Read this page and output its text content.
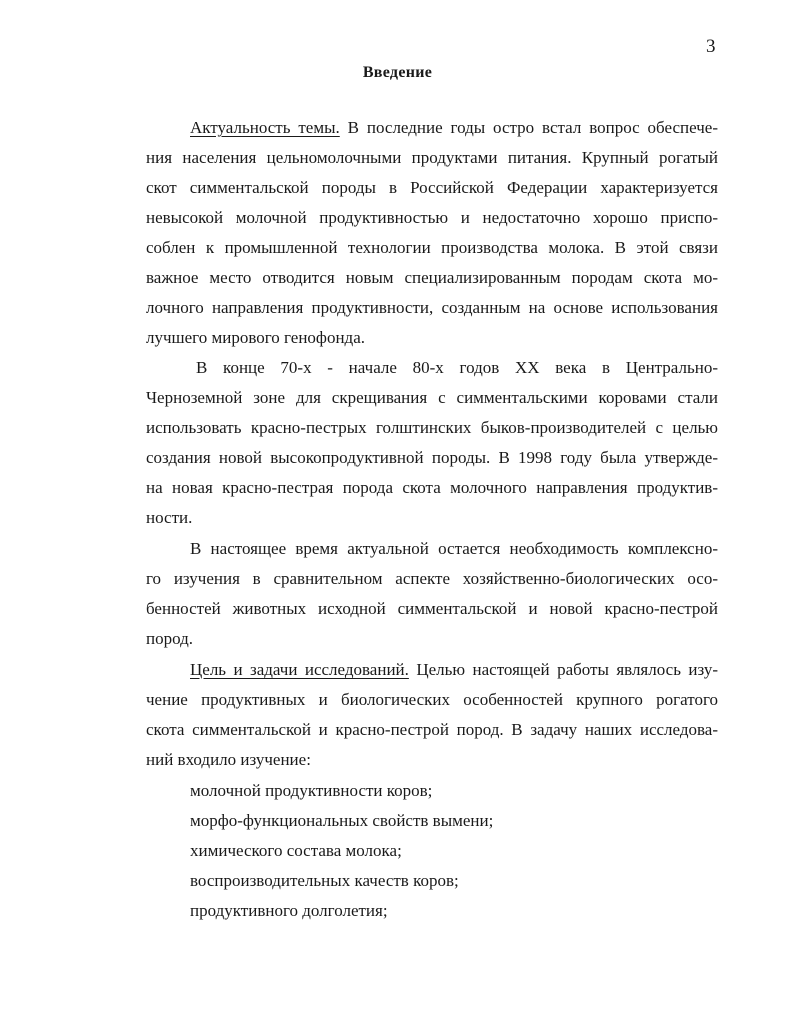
3
Введение
Актуальность темы. В последние годы остро встал вопрос обеспече-
ния населения цельномолочными продуктами питания. Крупный рогатый
скот симментальской породы в Российской Федерации характеризуется
невысокой молочной продуктивностью и недостаточно хорошо приспо-
соблен к промышленной технологии производства молока. В этой связи
важное место отводится новым специализированным породам скота мо-
лочного направления продуктивности, созданным на основе использования
лучшего мирового генофонда.
В конце 70-х - начале 80-х годов XX века в Центрально-
Черноземной зоне для скрещивания с симментальскими коровами стали
использовать красно-пестрых голштинских быков-производителей с целью
создания новой высокопродуктивной породы. В 1998 году была утвержде-
на новая красно-пестрая порода скота молочного направления продуктив-
ности.
В настоящее время актуальной остается необходимость комплексно-
го изучения в сравнительном аспекте хозяйственно-биологических осо-
бенностей животных исходной симментальской и новой красно-пестрой
пород.
Цель и задачи исследований. Целью настоящей работы являлось изу-
чение продуктивных и биологических особенностей крупного рогатого
скота симментальской и красно-пестрой пород. В задачу наших исследова-
ний входило изучение:
молочной продуктивности коров;
морфо-функциональных свойств вымени;
химического состава молока;
воспроизводительных качеств коров;
продуктивного долголетия;
